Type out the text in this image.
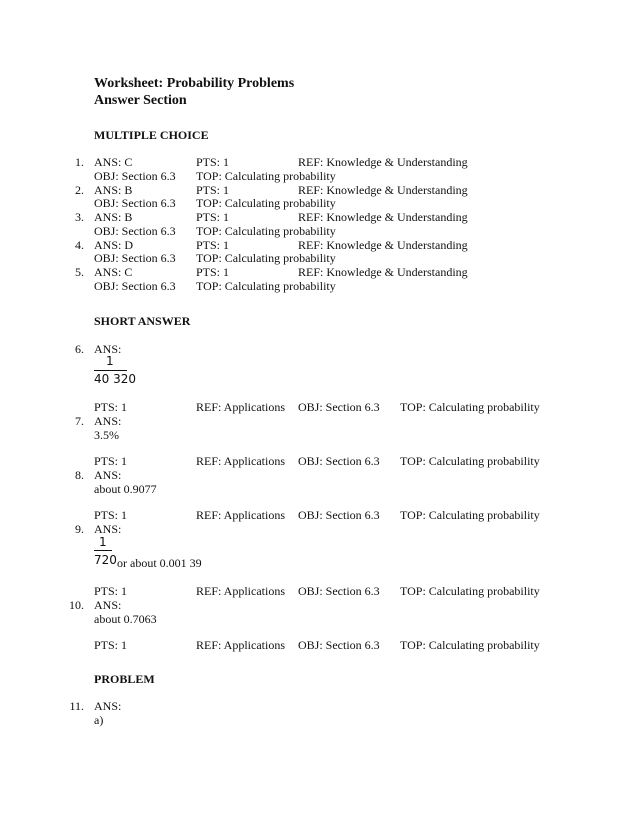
Worksheet: Probability Problems
Answer Section
MULTIPLE CHOICE
1. ANS: C	PTS: 1	REF: Knowledge & Understanding
OBJ: Section 6.3 TOP: Calculating probability
2. ANS: B	PTS: 1	REF: Knowledge & Understanding
OBJ: Section 6.3 TOP: Calculating probability
3. ANS: B	PTS: 1	REF: Knowledge & Understanding
OBJ: Section 6.3 TOP: Calculating probability
4. ANS: D	PTS: 1	REF: Knowledge & Understanding
OBJ: Section 6.3 TOP: Calculating probability
5. ANS: C	PTS: 1	REF: Knowledge & Understanding
OBJ: Section 6.3 TOP: Calculating probability
SHORT ANSWER
6. ANS:
1
40 320
PTS: 1	REF: Applications OBJ: Section 6.3 TOP: Calculating probability
7. ANS:
3.5%
PTS: 1	REF: Applications OBJ: Section 6.3 TOP: Calculating probability
8. ANS:
about 0.9077
PTS: 1	REF: Applications OBJ: Section 6.3 TOP: Calculating probability
9. ANS:
1
720 or about 0.001 39
PTS: 1	REF: Applications OBJ: Section 6.3 TOP: Calculating probability
10. ANS:
about 0.7063
PTS: 1	REF: Applications OBJ: Section 6.3 TOP: Calculating probability
PROBLEM
11. ANS:
a)
